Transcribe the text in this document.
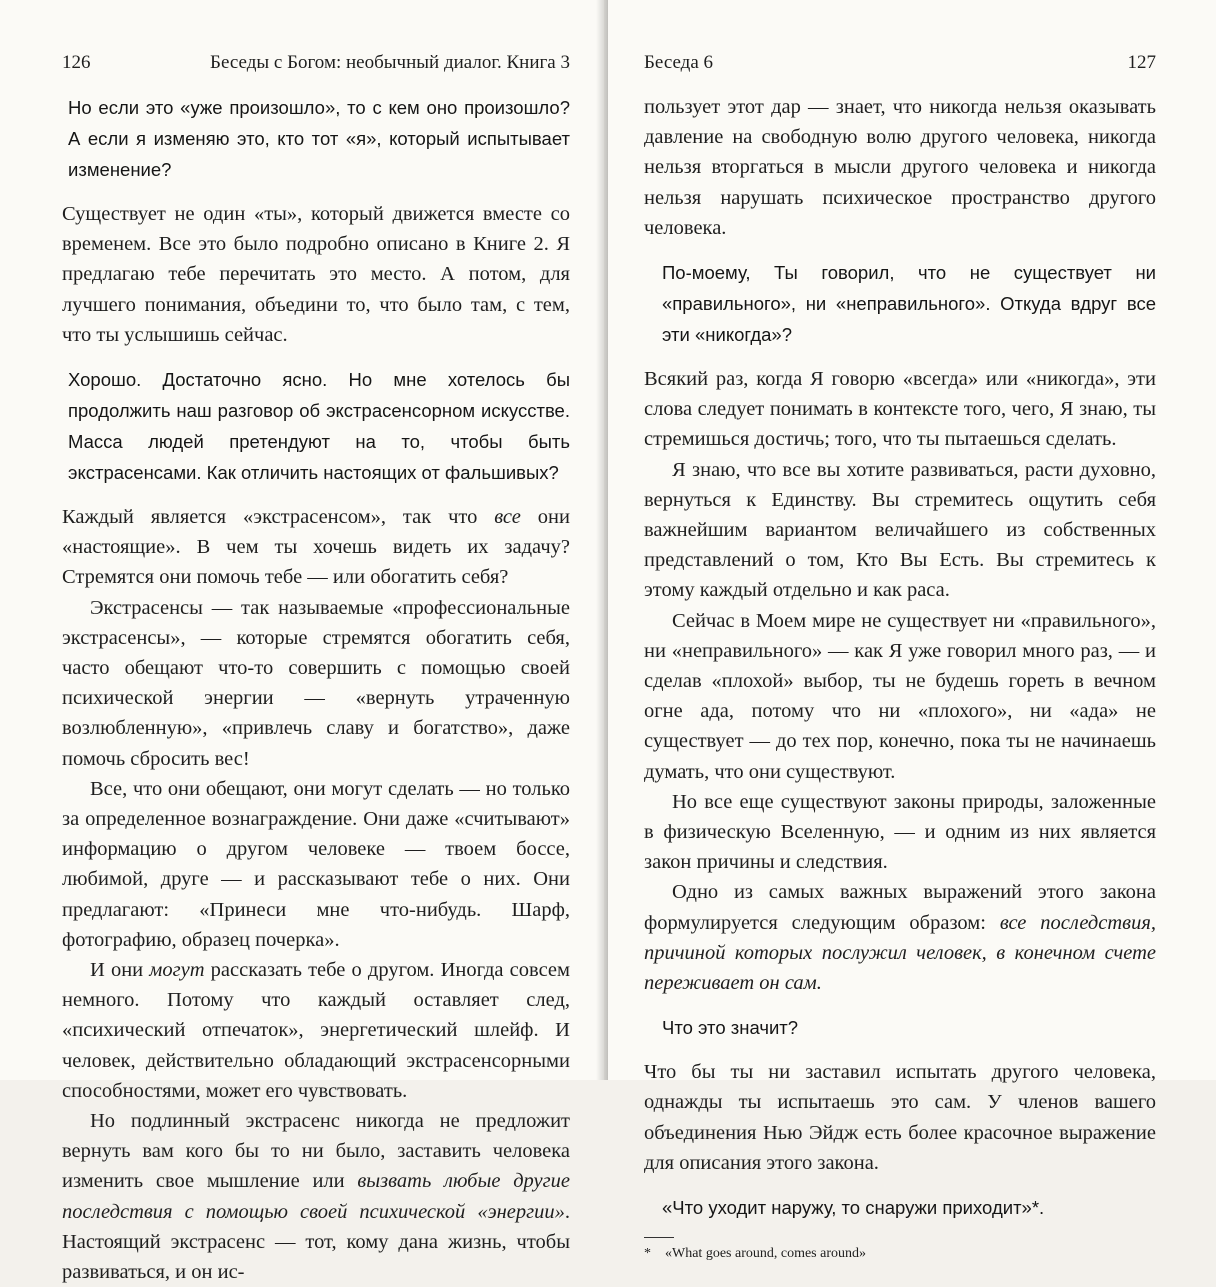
126	Беседы с Богом: необычный диалог. Книга 3
Но если это «уже произошло», то с кем оно произошло? А если я изменяю это, кто тот «я», который испытывает изменение?

Существует не один «ты», который движется вместе со временем. Все это было подробно описано в Книге 2. Я предлагаю тебе перечитать это место. А потом, для лучшего понимания, объедини то, что было там, с тем, что ты услышишь сейчас.

Хорошо. Достаточно ясно. Но мне хотелось бы продолжить наш разговор об экстрасенсорном искусстве. Масса людей претендуют на то, чтобы быть экстрасенсами. Как отличить настоящих от фальшивых?

Каждый является «экстрасенсом», так что все они «настоящие». В чем ты хочешь видеть их задачу? Стремятся они помочь тебе — или обогатить себя?

Экстрасенсы — так называемые «профессиональные экстрасенсы», — которые стремятся обогатить себя, часто обещают что-то совершить с помощью своей психической энергии — «вернуть утраченную возлюбленную», «привлечь славу и богатство», даже помочь сбросить вес!

Все, что они обещают, они могут сделать — но только за определенное вознаграждение. Они даже «считывают» информацию о другом человеке — твоем боссе, любимой, друге — и рассказывают тебе о них. Они предлагают: «Принеси мне что-нибудь. Шарф, фотографию, образец почерка».

И они могут рассказать тебе о другом. Иногда совсем немного. Потому что каждый оставляет след, «психический отпечаток», энергетический шлейф. И человек, действительно обладающий экстрасенсорными способностями, может его чувствовать.

Но подлинный экстрасенс никогда не предложит вернуть вам кого бы то ни было, заставить человека изменить свое мышление или вызвать любые другие последствия с помощью своей психической «энергии». Настоящий экстрасенс — тот, кому дана жизнь, чтобы развиваться, и он ис-

Беседа 6	127

пользует этот дар — знает, что никогда нельзя оказывать давление на свободную волю другого человека, никогда нельзя вторгаться в мысли другого человека и никогда нельзя нарушать психическое пространство другого человека.

По-моему, Ты говорил, что не существует ни «правильного», ни «неправильного». Откуда вдруг все эти «никогда»?

Всякий раз, когда Я говорю «всегда» или «никогда», эти слова следует понимать в контексте того, чего, Я знаю, ты стремишься достичь; того, что ты пытаешься сделать.

Я знаю, что все вы хотите развиваться, расти духовно, вернуться к Единству. Вы стремитесь ощутить себя важнейшим вариантом величайшего из собственных представлений о том, Кто Вы Есть. Вы стремитесь к этому каждый отдельно и как раса.

Сейчас в Моем мире не существует ни «правильного», ни «неправильного» — как Я уже говорил много раз, — и сделав «плохой» выбор, ты не будешь гореть в вечном огне ада, потому что ни «плохого», ни «ада» не существует — до тех пор, конечно, пока ты не начинаешь думать, что они существуют.

Но все еще существуют законы природы, заложенные в физическую Вселенную, — и одним из них является закон причины и следствия.

Одно из самых важных выражений этого закона формулируется следующим образом: все последствия, причиной которых послужил человек, в конечном счете переживает он сам.

Что это значит?

Что бы ты ни заставил испытать другого человека, однажды ты испытаешь это сам. У членов вашего объединения Нью Эйдж есть более красочное выражение для описания этого закона.

«Что уходит наружу, то снаружи приходит»*.
* «What goes around, comes around»
